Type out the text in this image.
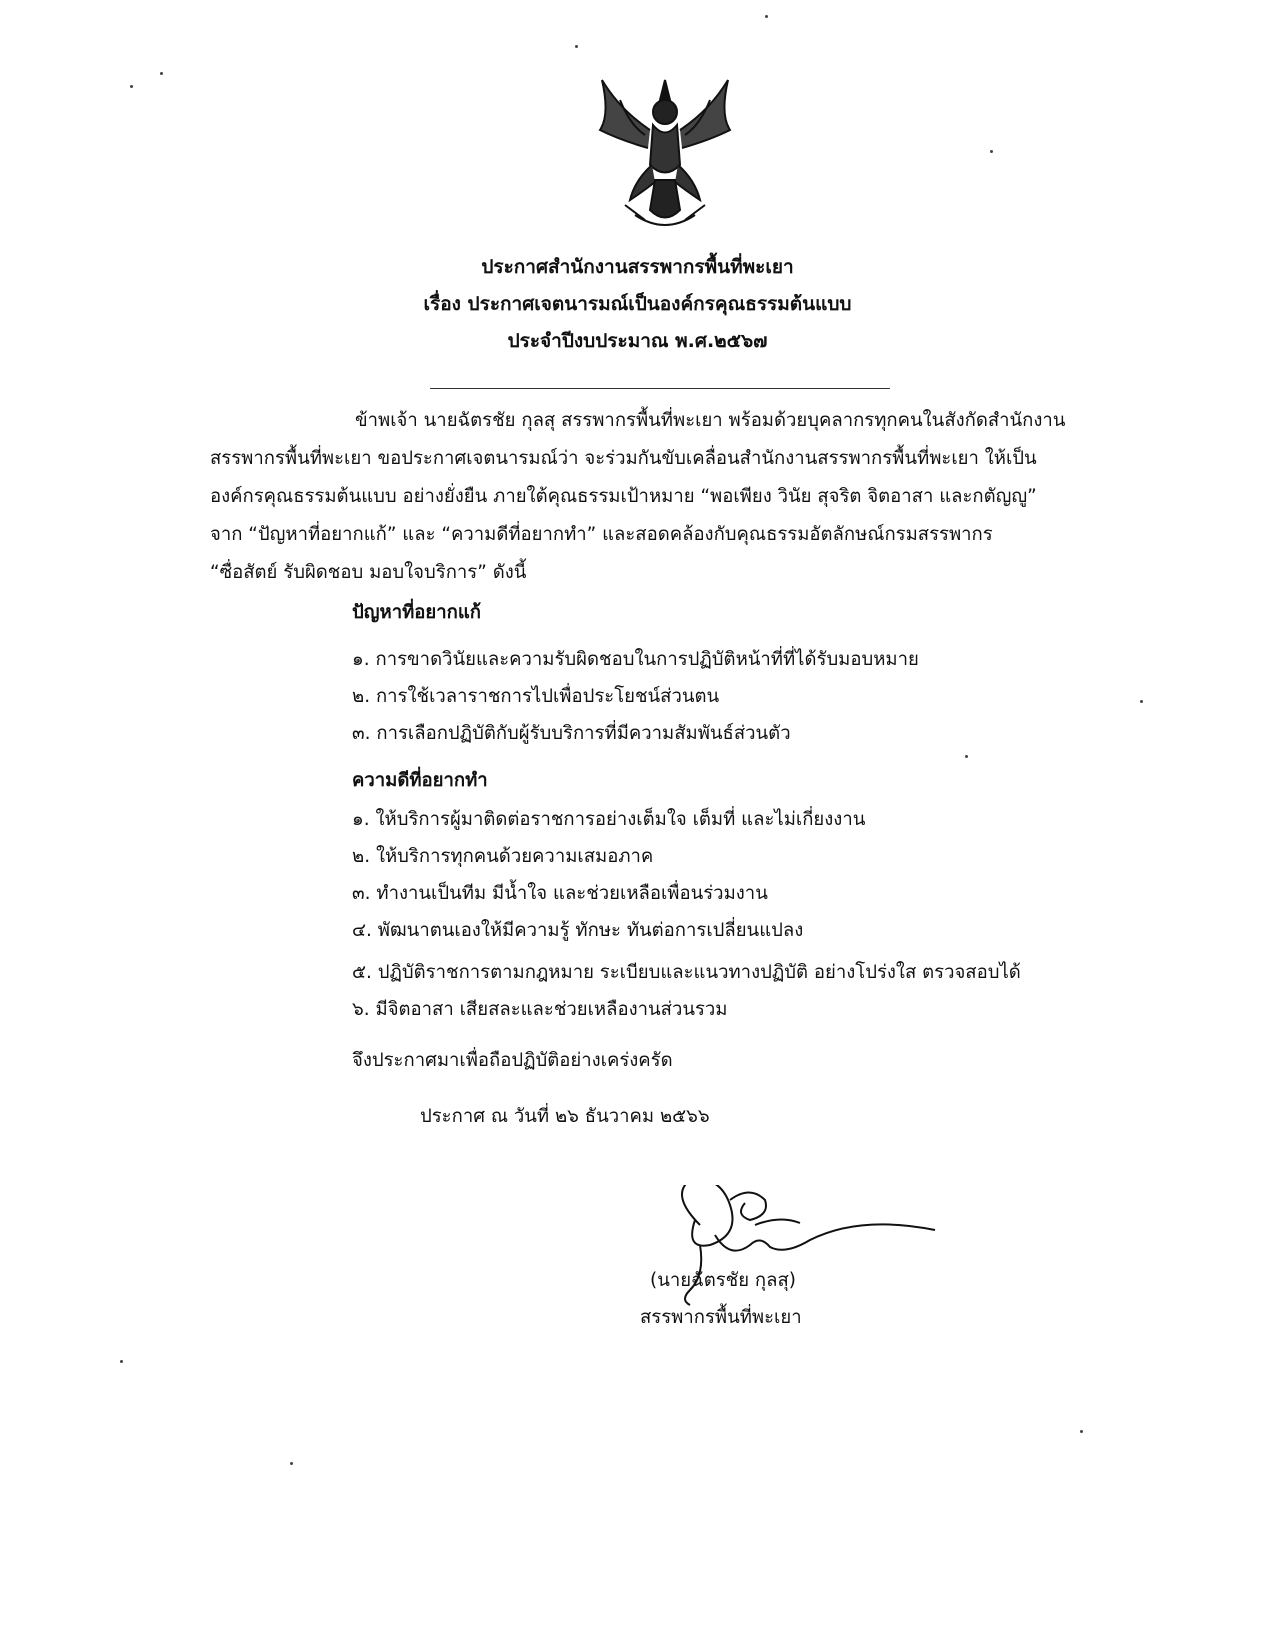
ประกาศสำนักงานสรรพากรพื้นที่พะเยา
เรื่อง ประกาศเจตนารมณ์เป็นองค์กรคุณธรรมต้นแบบ
ประจำปีงบประมาณ พ.ศ.๒๕๖๗
ข้าพเจ้า นายฉัตรชัย กุลสุ สรรพากรพื้นที่พะเยา พร้อมด้วยบุคลากรทุกคนในสังกัดสำนักงาน
สรรพากรพื้นที่พะเยา ขอประกาศเจตนารมณ์ว่า จะร่วมกันขับเคลื่อนสำนักงานสรรพากรพื้นที่พะเยา ให้เป็น
องค์กรคุณธรรมต้นแบบ อย่างยั่งยืน ภายใต้คุณธรรมเป้าหมาย “พอเพียง วินัย สุจริต จิตอาสา และกตัญญู”
จาก “ปัญหาที่อยากแก้” และ “ความดีที่อยากทำ” และสอดคล้องกับคุณธรรมอัตลักษณ์กรมสรรพากร
“ซื่อสัตย์ รับผิดชอบ มอบใจบริการ” ดังนี้
ปัญหาที่อยากแก้
๑. การขาดวินัยและความรับผิดชอบในการปฏิบัติหน้าที่ที่ได้รับมอบหมาย
๒. การใช้เวลาราชการไปเพื่อประโยชน์ส่วนตน
๓. การเลือกปฏิบัติกับผู้รับบริการที่มีความสัมพันธ์ส่วนตัว
ความดีที่อยากทำ
๑. ให้บริการผู้มาติดต่อราชการอย่างเต็มใจ เต็มที่ และไม่เกี่ยงงาน
๒. ให้บริการทุกคนด้วยความเสมอภาค
๓. ทำงานเป็นทีม มีน้ำใจ และช่วยเหลือเพื่อนร่วมงาน
๔. พัฒนาตนเองให้มีความรู้ ทักษะ ทันต่อการเปลี่ยนแปลง
๕. ปฏิบัติราชการตามกฎหมาย ระเบียบและแนวทางปฏิบัติ อย่างโปร่งใส ตรวจสอบได้
๖. มีจิตอาสา เสียสละและช่วยเหลืองานส่วนรวม
จึงประกาศมาเพื่อถือปฏิบัติอย่างเคร่งครัด
ประกาศ ณ วันที่ ๒๖ ธันวาคม ๒๕๖๖
(นายฉัตรชัย กุลสุ)
สรรพากรพื้นที่พะเยา
